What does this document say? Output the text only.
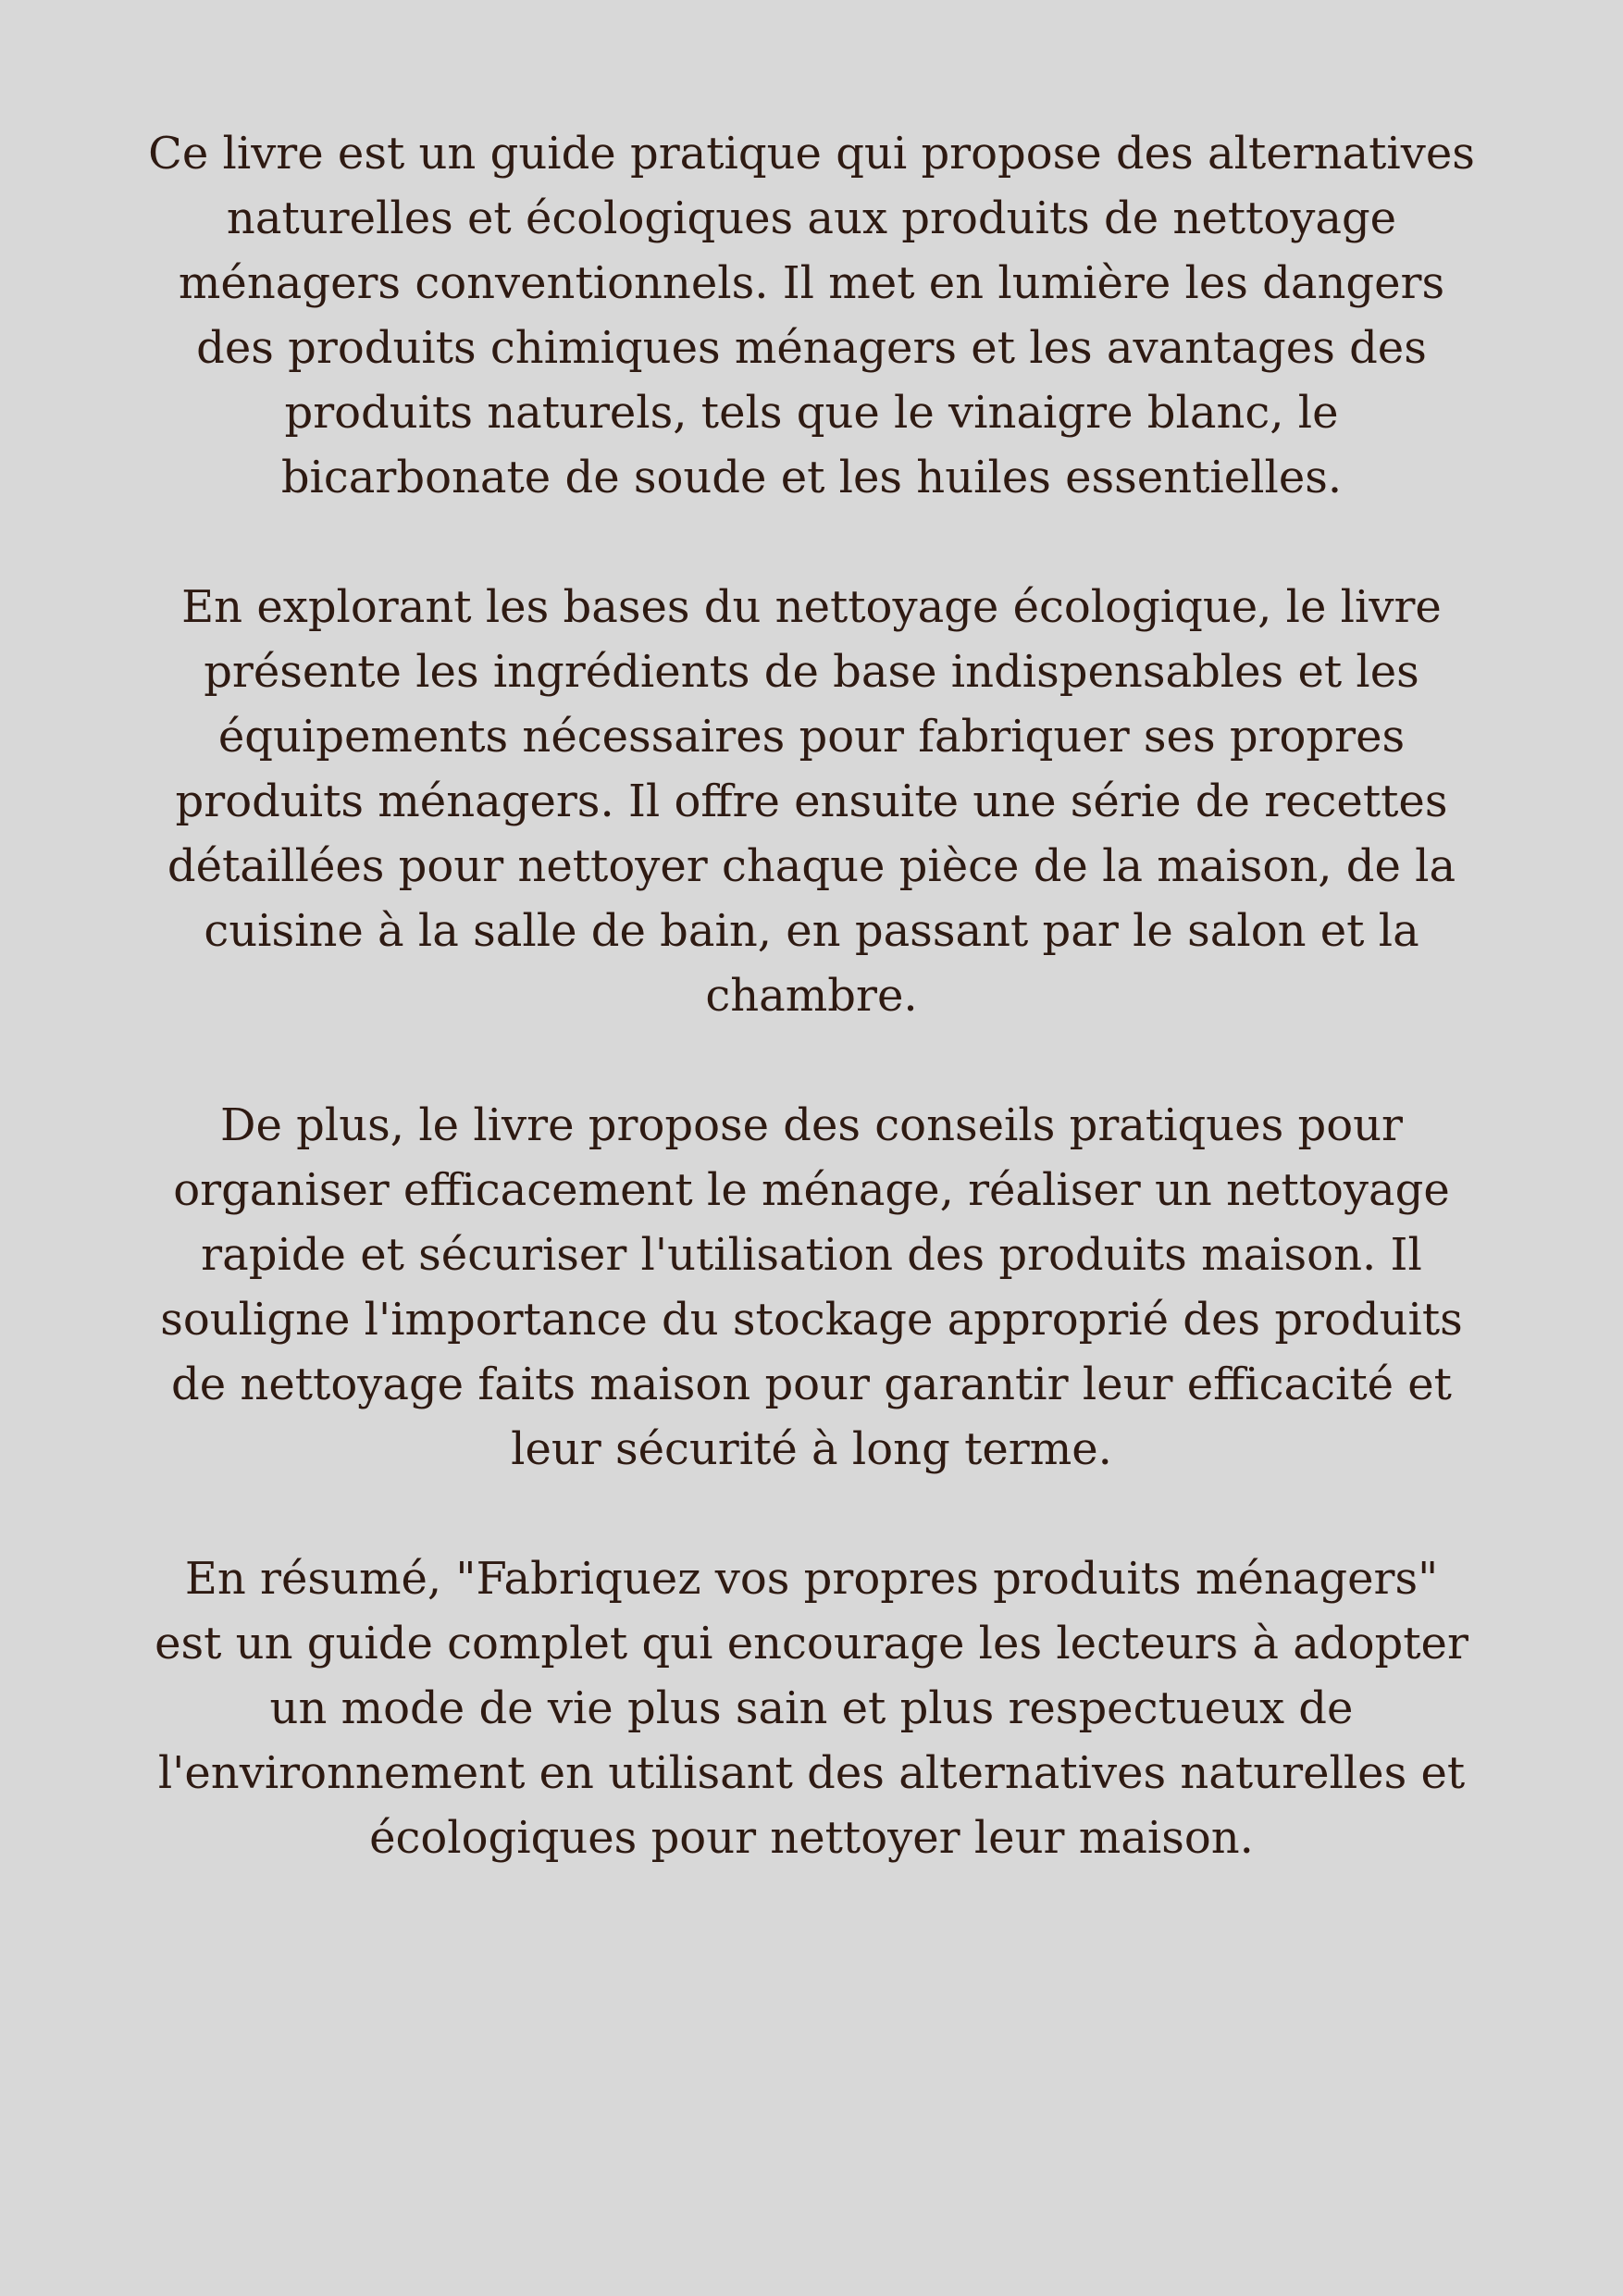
Ce livre est un guide pratique qui propose des alternatives naturelles et écologiques aux produits de nettoyage ménagers conventionnels. Il met en lumière les dangers des produits chimiques ménagers et les avantages des produits naturels, tels que le vinaigre blanc, le bicarbonate de soude et les huiles essentielles.

En explorant les bases du nettoyage écologique, le livre présente les ingrédients de base indispensables et les équipements nécessaires pour fabriquer ses propres produits ménagers. Il offre ensuite une série de recettes détaillées pour nettoyer chaque pièce de la maison, de la cuisine à la salle de bain, en passant par le salon et la chambre.

De plus, le livre propose des conseils pratiques pour organiser efficacement le ménage, réaliser un nettoyage rapide et sécuriser l'utilisation des produits maison. Il souligne l'importance du stockage approprié des produits de nettoyage faits maison pour garantir leur efficacité et leur sécurité à long terme.

En résumé, "Fabriquez vos propres produits ménagers" est un guide complet qui encourage les lecteurs à adopter un mode de vie plus sain et plus respectueux de l'environnement en utilisant des alternatives naturelles et écologiques pour nettoyer leur maison.
